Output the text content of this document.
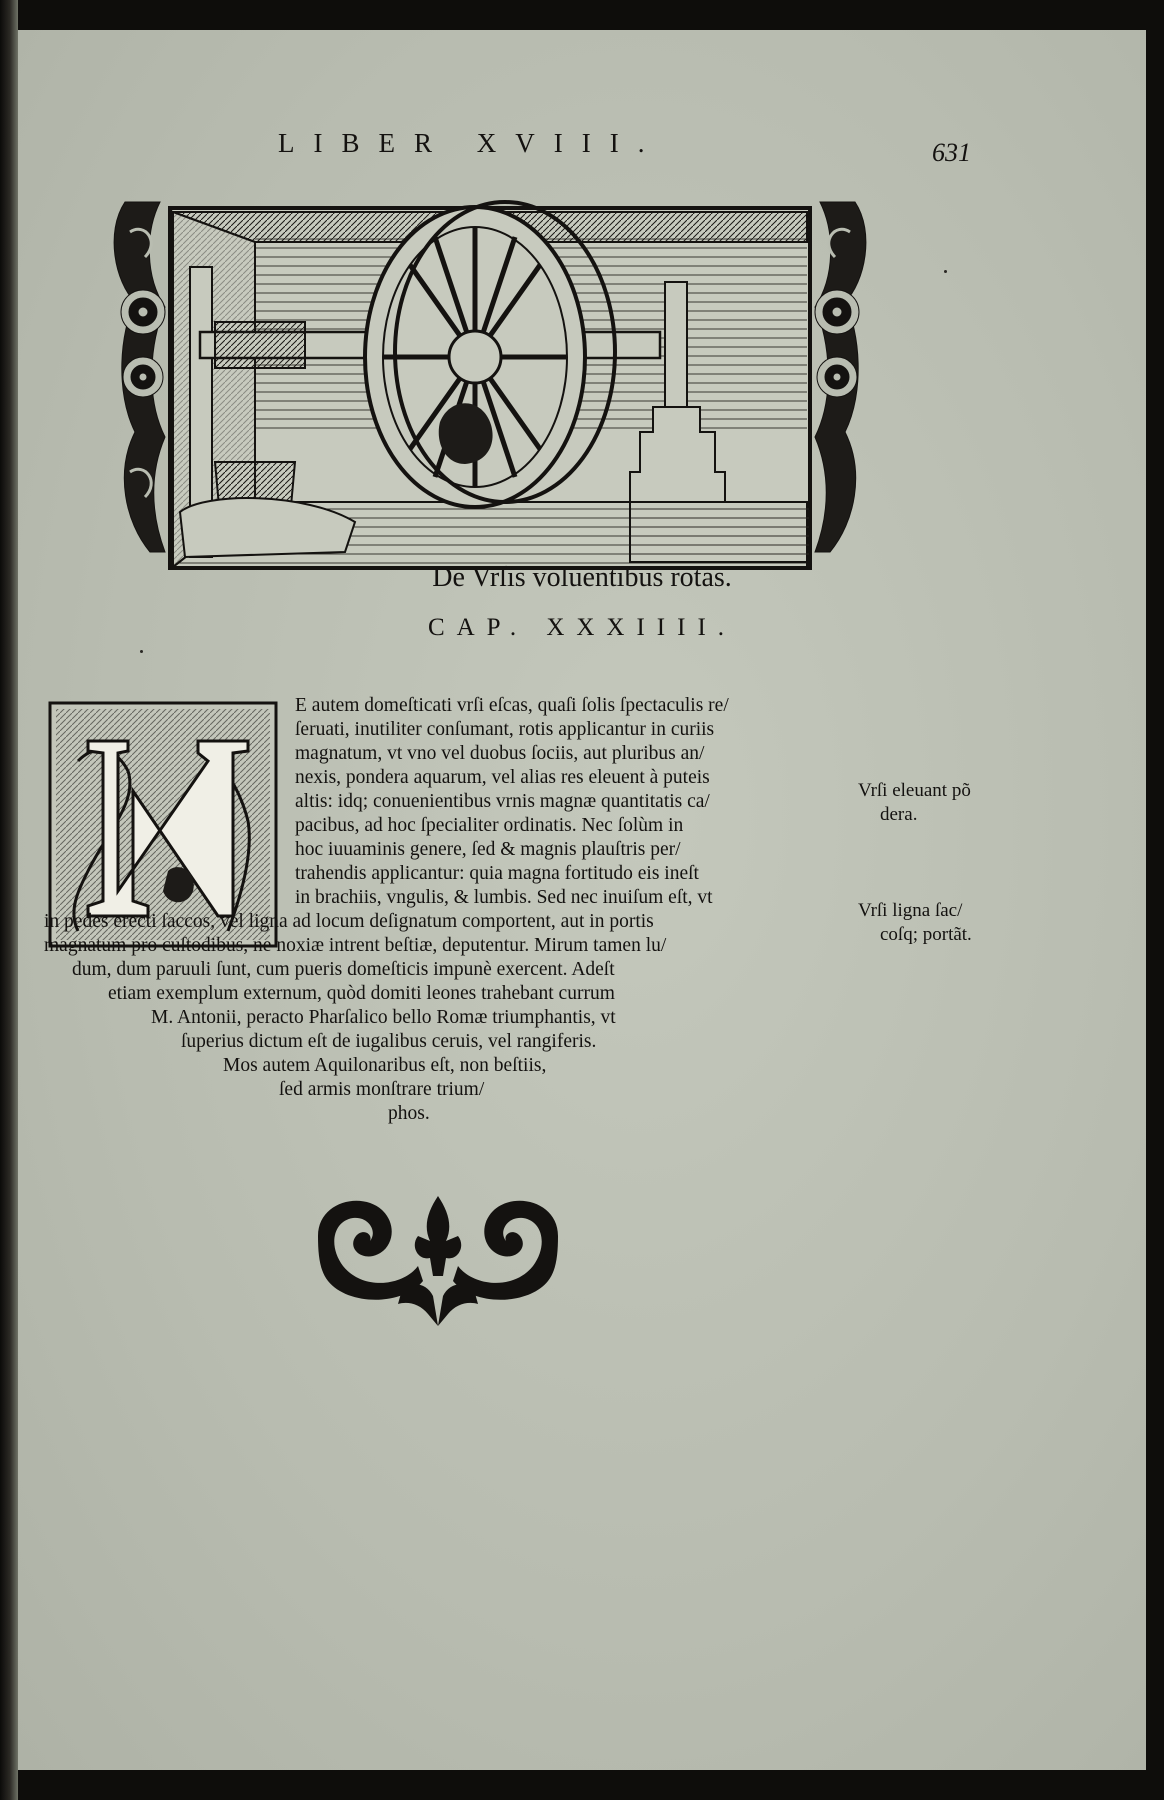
LIBER XVIII.	631
De Vrſis voluentibus rotas.
CAP. XXXIIII.
E autem domeſticati vrſi eſcas, quaſi ſolis ſpectaculis re/
ſeruati, inutiliter conſumant, rotis applicantur in curiis
magnatum, vt vno vel duobus ſociis, aut pluribus an/
nexis, pondera aquarum, vel alias res eleuent à puteis
altis: idq; conuenientibus vrnis magnæ quantitatis ca/
pacibus, ad hoc ſpecialiter ordinatis. Nec ſolùm in
hoc iuuaminis genere, ſed & magnis plauſtris per/
trahendis applicantur: quia magna fortitudo eis ineſt
in brachiis, vngulis, & lumbis. Sed nec inuiſum eſt, vt
in pedes erecti ſaccos, vel ligna ad locum deſignatum comportent, aut in portis
magnatum pro cuſtodibus, ne noxiæ intrent beſtiæ, deputentur. Mirum tamen lu/
dum, dum paruuli ſunt, cum pueris domeſticis impunè exercent. Adeſt
etiam exemplum externum, quòd domiti leones trahebant currum
M. Antonii, peracto Pharſalico bello Romæ triumphantis, vt
ſuperius dictum eſt de iugalibus ceruis, vel rangiferis.
Mos autem Aquilonaribus eſt, non beſtiis,
ſed armis monſtrare trium/
phos.
Vrſi eleuant põ
dera.
Vrſi ligna ſac/
coſq; portãt.
